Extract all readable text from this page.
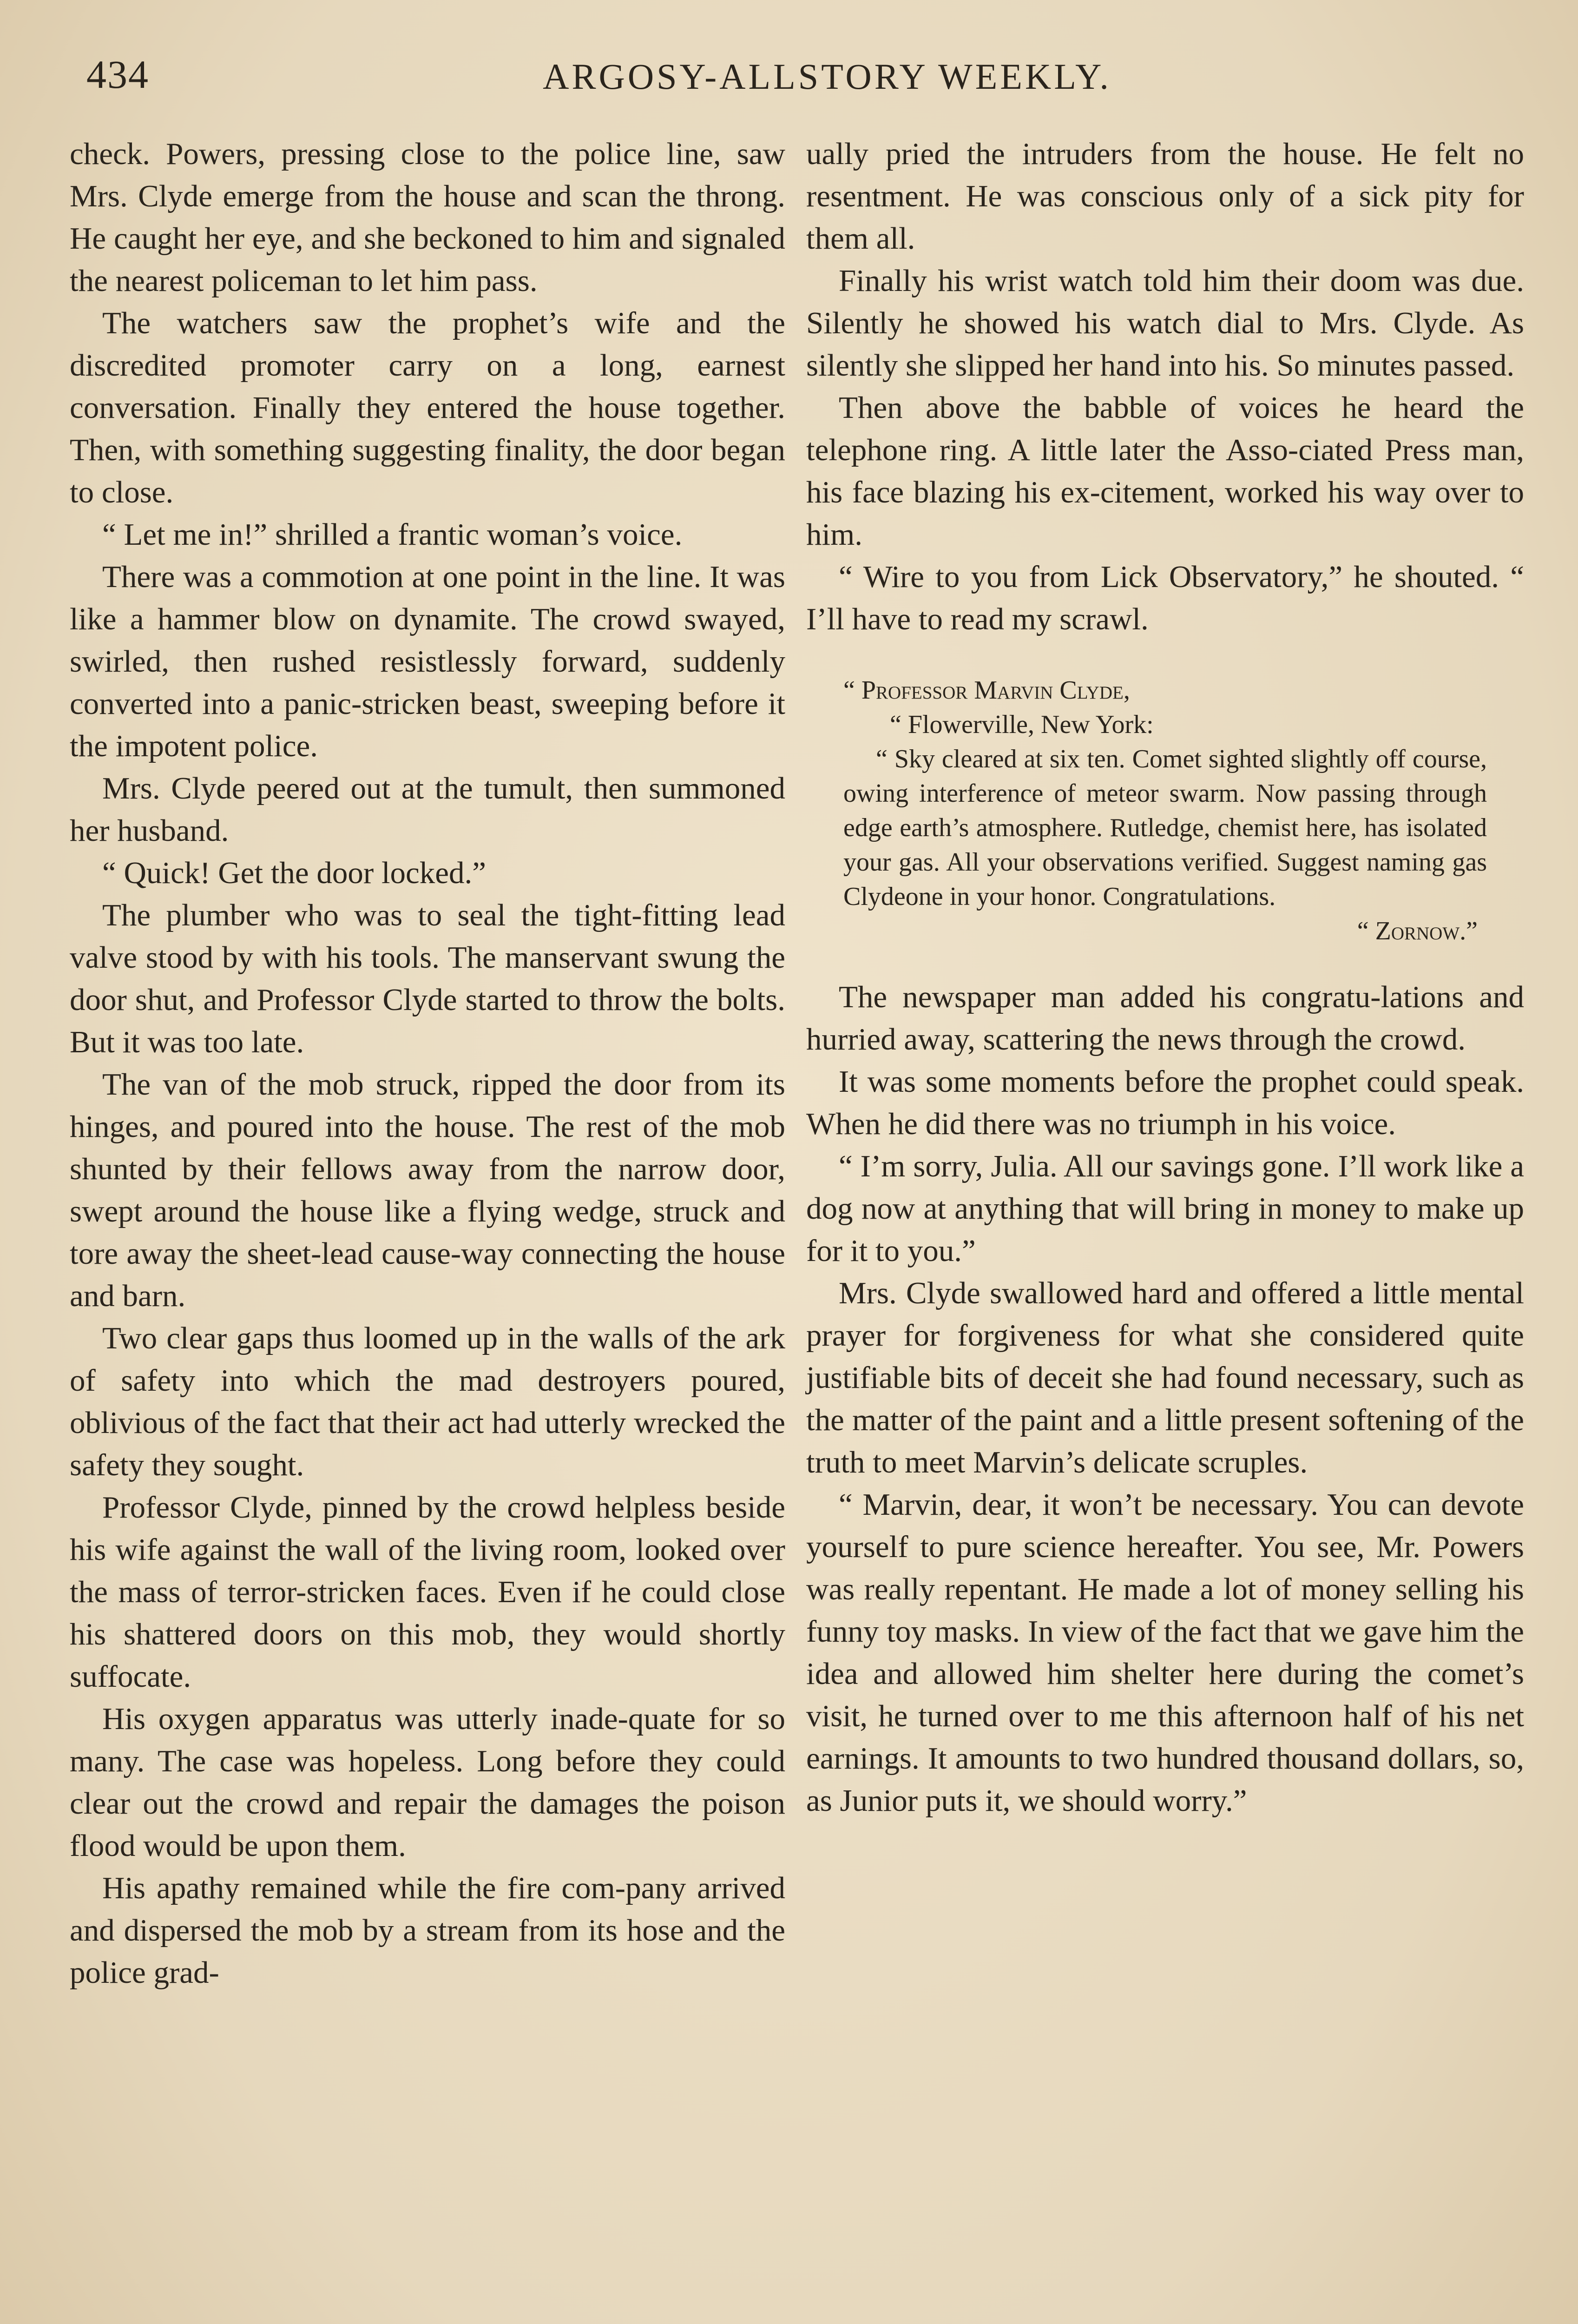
434	ARGOSY-ALLSTORY WEEKLY.

check. Powers, pressing close to the police line, saw Mrs. Clyde emerge from the house and scan the throng. He caught her eye, and she beckoned to him and signaled the nearest policeman to let him pass.

The watchers saw the prophet’s wife and the discredited promoter carry on a long, earnest conversation. Finally they entered the house together. Then, with something suggesting finality, the door began to close.

“ Let me in!” shrilled a frantic woman’s voice.

There was a commotion at one point in the line. It was like a hammer blow on dynamite. The crowd swayed, swirled, then rushed resistlessly forward, suddenly converted into a panic-stricken beast, sweeping before it the impotent police.

Mrs. Clyde peered out at the tumult, then summoned her husband.

“ Quick! Get the door locked.”

The plumber who was to seal the tight-fitting lead valve stood by with his tools. The manservant swung the door shut, and Professor Clyde started to throw the bolts. But it was too late.

The van of the mob struck, ripped the door from its hinges, and poured into the house. The rest of the mob shunted by their fellows away from the narrow door, swept around the house like a flying wedge, struck and tore away the sheet-lead cause-way connecting the house and barn.

Two clear gaps thus loomed up in the walls of the ark of safety into which the mad destroyers poured, oblivious of the fact that their act had utterly wrecked the safety they sought.

Professor Clyde, pinned by the crowd helpless beside his wife against the wall of the living room, looked over the mass of terror-stricken faces. Even if he could close his shattered doors on this mob, they would shortly suffocate.

His oxygen apparatus was utterly inade-quate for so many. The case was hopeless. Long before they could clear out the crowd and repair the damages the poison flood would be upon them.

His apathy remained while the fire com-pany arrived and dispersed the mob by a stream from its hose and the police grad-

ually pried the intruders from the house. He felt no resentment. He was conscious only of a sick pity for them all.

Finally his wrist watch told him their doom was due. Silently he showed his watch dial to Mrs. Clyde. As silently she slipped her hand into his. So minutes passed.

Then above the babble of voices he heard the telephone ring. A little later the Asso-ciated Press man, his face blazing his ex-citement, worked his way over to him.

“ Wire to you from Lick Observatory,” he shouted. “ I’ll have to read my scrawl.

“ Professor Marvin Clyde,
“ Flowerville, New York:
“ Sky cleared at six ten. Comet sighted slightly off course, owing interference of meteor swarm. Now passing through edge earth’s atmosphere. Rutledge, chemist here, has isolated your gas. All your observations verified. Suggest naming gas Clydeone in your honor. Congratulations.
“ Zornow.”

The newspaper man added his congratu-lations and hurried away, scattering the news through the crowd.

It was some moments before the prophet could speak. When he did there was no triumph in his voice.

“ I’m sorry, Julia. All our savings gone. I’ll work like a dog now at anything that will bring in money to make up for it to you.”

Mrs. Clyde swallowed hard and offered a little mental prayer for forgiveness for what she considered quite justifiable bits of deceit she had found necessary, such as the matter of the paint and a little present softening of the truth to meet Marvin’s delicate scruples.

“ Marvin, dear, it won’t be necessary. You can devote yourself to pure science hereafter. You see, Mr. Powers was really repentant. He made a lot of money selling his funny toy masks. In view of the fact that we gave him the idea and allowed him shelter here during the comet’s visit, he turned over to me this afternoon half of his net earnings. It amounts to two hundred thousand dollars, so, as Junior puts it, we should worry.”
